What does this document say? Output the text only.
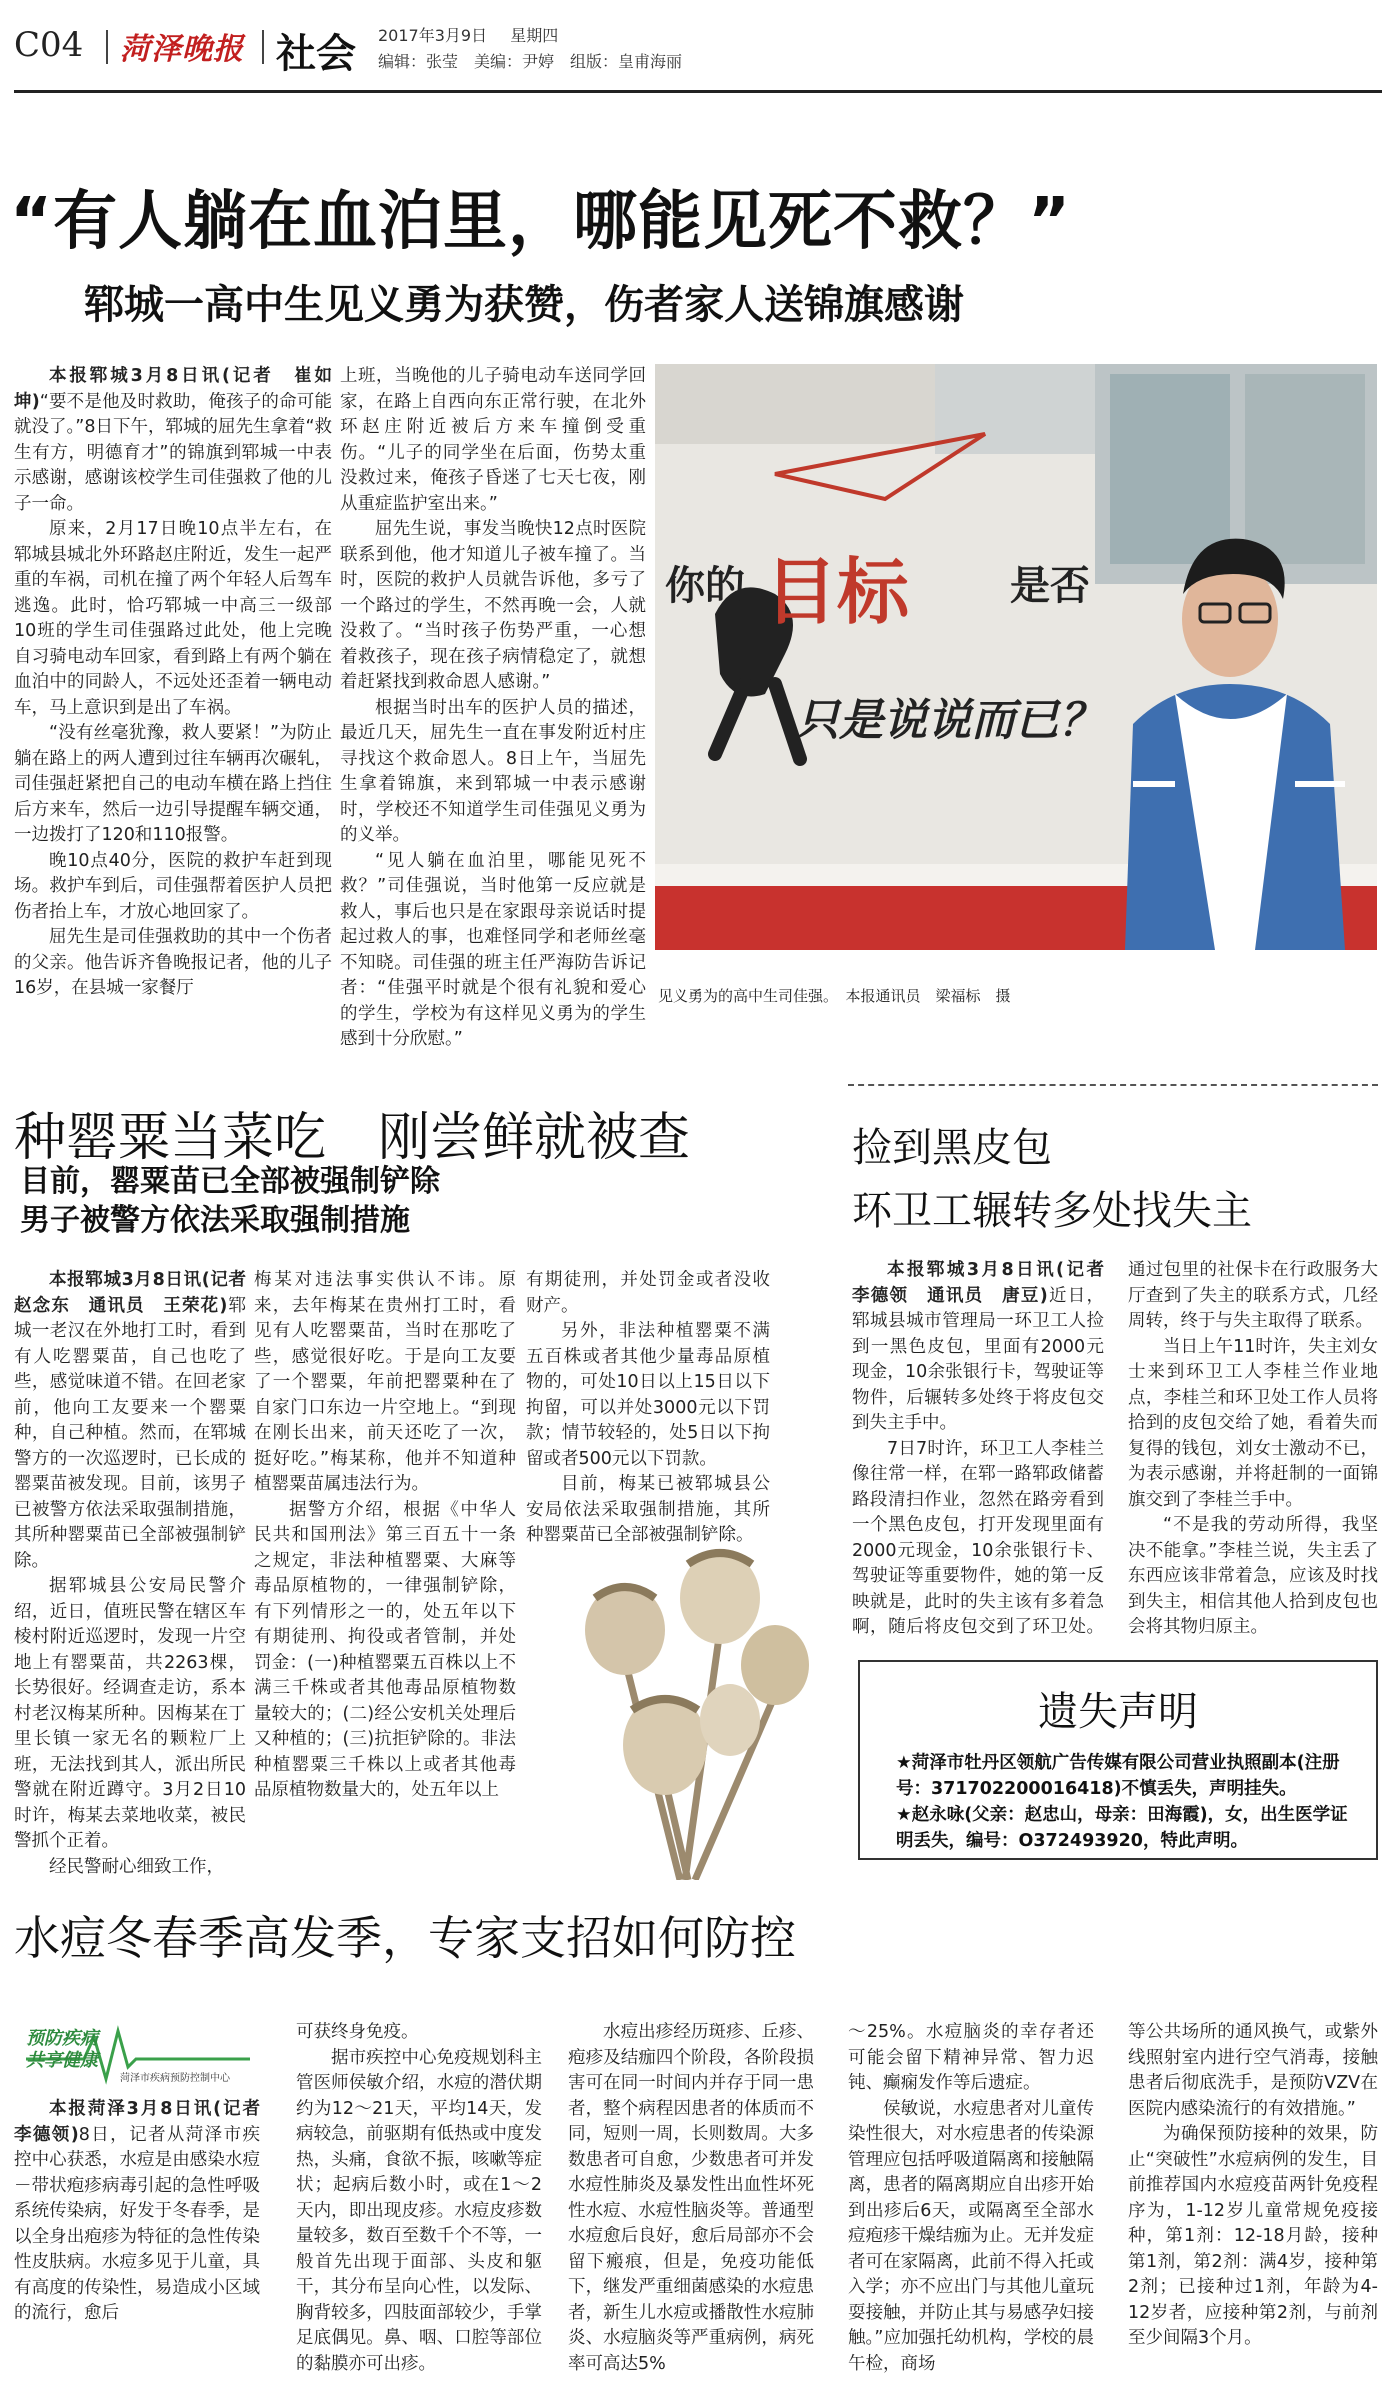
C04 菏泽晚报 社会 2017年3月9日 星期四
编辑：张莹　美编：尹婷　组版：皇甫海丽
“有人躺在血泊里，哪能见死不救？”
郓城一高中生见义勇为获赞，伤者家人送锦旗感谢

本报郓城3月8日讯(记者　崔如坤)“要不是他及时救助，俺孩子的命可能就没了。”8日下午，郓城的屈先生拿着“救生有方，明德育才”的锦旗到郓城一中表示感谢，感谢该校学生司佳强救了他的儿子一命。

原来，2月17日晚10点半左右，在郓城县城北外环路赵庄附近，发生一起严重的车祸，司机在撞了两个年轻人后驾车逃逸。此时，恰巧郓城一中高三一级部10班的学生司佳强路过此处，他上完晚自习骑电动车回家，看到路上有两个躺在血泊中的同龄人，不远处还歪着一辆电动车，马上意识到是出了车祸。

“没有丝毫犹豫，救人要紧！”为防止躺在路上的两人遭到过往车辆再次碾轧，司佳强赶紧把自己的电动车横在路上挡住后方来车，然后一边引导提醒车辆交通，一边拨打了120和110报警。

晚10点40分，医院的救护车赶到现场。救护车到后，司佳强帮着医护人员把伤者抬上车，才放心地回家了。

屈先生是司佳强救助的其中一个伤者的父亲。他告诉齐鲁晚报记者，他的儿子16岁，在县城一家餐厅

上班，当晚他的儿子骑电动车送同学回家，在路上自西向东正常行驶，在北外环赵庄附近被后方来车撞倒受重伤。“儿子的同学坐在后面，伤势太重没救过来，俺孩子昏迷了七天七夜，刚从重症监护室出来。”

屈先生说，事发当晚快12点时医院联系到他，他才知道儿子被车撞了。当时，医院的救护人员就告诉他，多亏了一个路过的学生，不然再晚一会，人就没救了。“当时孩子伤势严重，一心想着救孩子，现在孩子病情稳定了，就想着赶紧找到救命恩人感谢。”

根据当时出车的医护人员的描述，最近几天，屈先生一直在事发附近村庄寻找这个救命恩人。8日上午，当屈先生拿着锦旗，来到郓城一中表示感谢时，学校还不知道学生司佳强见义勇为的义举。

“见人躺在血泊里，哪能见死不救？”司佳强说，当时他第一反应就是救人，事后也只是在家跟母亲说话时提起过救人的事，也难怪同学和老师丝毫不知晓。司佳强的班主任严海防告诉记者：“佳强平时就是个很有礼貌和爱心的学生，学校为有这样见义勇为的学生感到十分欣慰。”

你的 目标	是否
只是说说而已？
见义勇为的高中生司佳强。　本报通讯员　梁福标　摄
种罂粟当菜吃　刚尝鲜就被查
目前，罂粟苗已全部被强制铲除
男子被警方依法采取强制措施

本报郓城3月8日讯(记者　赵念东　通讯员　王荣花)郓城一老汉在外地打工时，看到有人吃罂粟苗，自己也吃了些，感觉味道不错。在回老家前，他向工友要来一个罂粟种，自己种植。然而，在郓城警方的一次巡逻时，已长成的罂粟苗被发现。目前，该男子已被警方依法采取强制措施，其所种罂粟苗已全部被强制铲除。

据郓城县公安局民警介绍，近日，值班民警在辖区车棱村附近巡逻时，发现一片空地上有罂粟苗，共2263棵，长势很好。经调查走访，系本村老汉梅某所种。因梅某在丁里长镇一家无名的颗粒厂上班，无法找到其人，派出所民警就在附近蹲守。3月2日10时许，梅某去菜地收菜，被民警抓个正着。

经民警耐心细致工作，

梅某对违法事实供认不讳。原来，去年梅某在贵州打工时，看见有人吃罂粟苗，当时在那吃了些，感觉很好吃。于是向工友要了一个罂粟，年前把罂粟种在了自家门口东边一片空地上。“到现在刚长出来，前天还吃了一次，挺好吃。”梅某称，他并不知道种植罂粟苗属违法行为。

据警方介绍，根据《中华人民共和国刑法》第三百五十一条之规定，非法种植罂粟、大麻等毒品原植物的，一律强制铲除，有下列情形之一的，处五年以下有期徒刑、拘役或者管制，并处罚金：(一)种植罂粟五百株以上不满三千株或者其他毒品原植物数量较大的；(二)经公安机关处理后又种植的；(三)抗拒铲除的。非法种植罂粟三千株以上或者其他毒品原植物数量大的，处五年以上

有期徒刑，并处罚金或者没收财产。

另外，非法种植罂粟不满五百株或者其他少量毒品原植物的，可处10日以上15日以下拘留，可以并处3000元以下罚款；情节较轻的，处5日以下拘留或者500元以下罚款。

目前，梅某已被郓城县公安局依法采取强制措施，其所种罂粟苗已全部被强制铲除。

捡到黑皮包
环卫工辗转多处找失主

本报郓城3月8日讯(记者　李德领　通讯员　唐豆)近日，郓城县城市管理局一环卫工人捡到一黑色皮包，里面有2000元现金，10余张银行卡，驾驶证等物件，后辗转多处终于将皮包交到失主手中。

7日7时许，环卫工人李桂兰像往常一样，在郓一路郓政储蓄路段清扫作业，忽然在路旁看到一个黑色皮包，打开发现里面有2000元现金，10余张银行卡、驾驶证等重要物件，她的第一反映就是，此时的失主该有多着急啊，随后将皮包交到了环卫处。

通过包里的社保卡在行政服务大厅查到了失主的联系方式，几经周转，终于与失主取得了联系。

当日上午11时许，失主刘女士来到环卫工人李桂兰作业地点，李桂兰和环卫处工作人员将拾到的皮包交给了她，看着失而复得的钱包，刘女士激动不已，为表示感谢，并将赶制的一面锦旗交到了李桂兰手中。

“不是我的劳动所得，我坚决不能拿。”李桂兰说，失主丢了东西应该非常着急，应该及时找到失主，相信其他人拾到皮包也会将其物归原主。

遗失声明
★菏泽市牡丹区领航广告传媒有限公司营业执照副本(注册号：371702200016418)不慎丢失，声明挂失。
★赵永咏(父亲：赵忠山，母亲：田海霞)，女，出生医学证明丢失，编号：O372493920，特此声明。
水痘冬春季高发季，专家支招如何防控
预防疾病　共享健康
菏泽市疾病预防控制中心

本报菏泽3月8日讯(记者　李德领)8日，记者从菏泽市疾控中心获悉，水痘是由感染水痘－带状疱疹病毒引起的急性呼吸系统传染病，好发于冬春季，是以全身出疱疹为特征的急性传染性皮肤病。水痘多见于儿童，具有高度的传染性，易造成小区域的流行，愈后

可获终身免疫。

据市疾控中心免疫规划科主管医师侯敏介绍，水痘的潜伏期约为12～21天，平均14天，发病较急，前驱期有低热或中度发热，头痛，食欲不振，咳嗽等症状；起病后数小时，或在1～2天内，即出现皮疹。水痘皮疹数量较多，数百至数千个不等，一般首先出现于面部、头皮和躯干，其分布呈向心性，以发际、胸背较多，四肢面部较少，手掌足底偶见。鼻、咽、口腔等部位的黏膜亦可出疹。

水痘出疹经历斑疹、丘疹、疱疹及结痂四个阶段，各阶段损害可在同一时间内并存于同一患者，整个病程因患者的体质而不同，短则一周，长则数周。大多数患者可自愈，少数患者可并发水痘性肺炎及暴发性出血性坏死性水痘、水痘性脑炎等。普通型水痘愈后良好，愈后局部亦不会留下瘢痕，但是，免疫功能低下，继发严重细菌感染的水痘患者，新生儿水痘或播散性水痘肺炎、水痘脑炎等严重病例，病死率可高达5%

～25%。水痘脑炎的幸存者还可能会留下精神异常、智力迟钝、癫痫发作等后遗症。

侯敏说，水痘患者对儿童传染性很大，对水痘患者的传染源管理应包括呼吸道隔离和接触隔离，患者的隔离期应自出疹开始到出疹后6天，或隔离至全部水痘疱疹干燥结痂为止。无并发症者可在家隔离，此前不得入托或入学；亦不应出门与其他儿童玩耍接触，并防止其与易感孕妇接触。”应加强托幼机构，学校的晨午检，商场

等公共场所的通风换气，或紫外线照射室内进行空气消毒，接触患者后彻底洗手，是预防VZV在医院内感染流行的有效措施。”

为确保预防接种的效果，防止“突破性”水痘病例的发生，目前推荐国内水痘疫苗两针免疫程序为，1-12岁儿童常规免疫接种，第1剂：12-18月龄，接种第1剂，第2剂：满4岁，接种第2剂；已接种过1剂，年龄为4-12岁者，应接种第2剂，与前剂至少间隔3个月。
